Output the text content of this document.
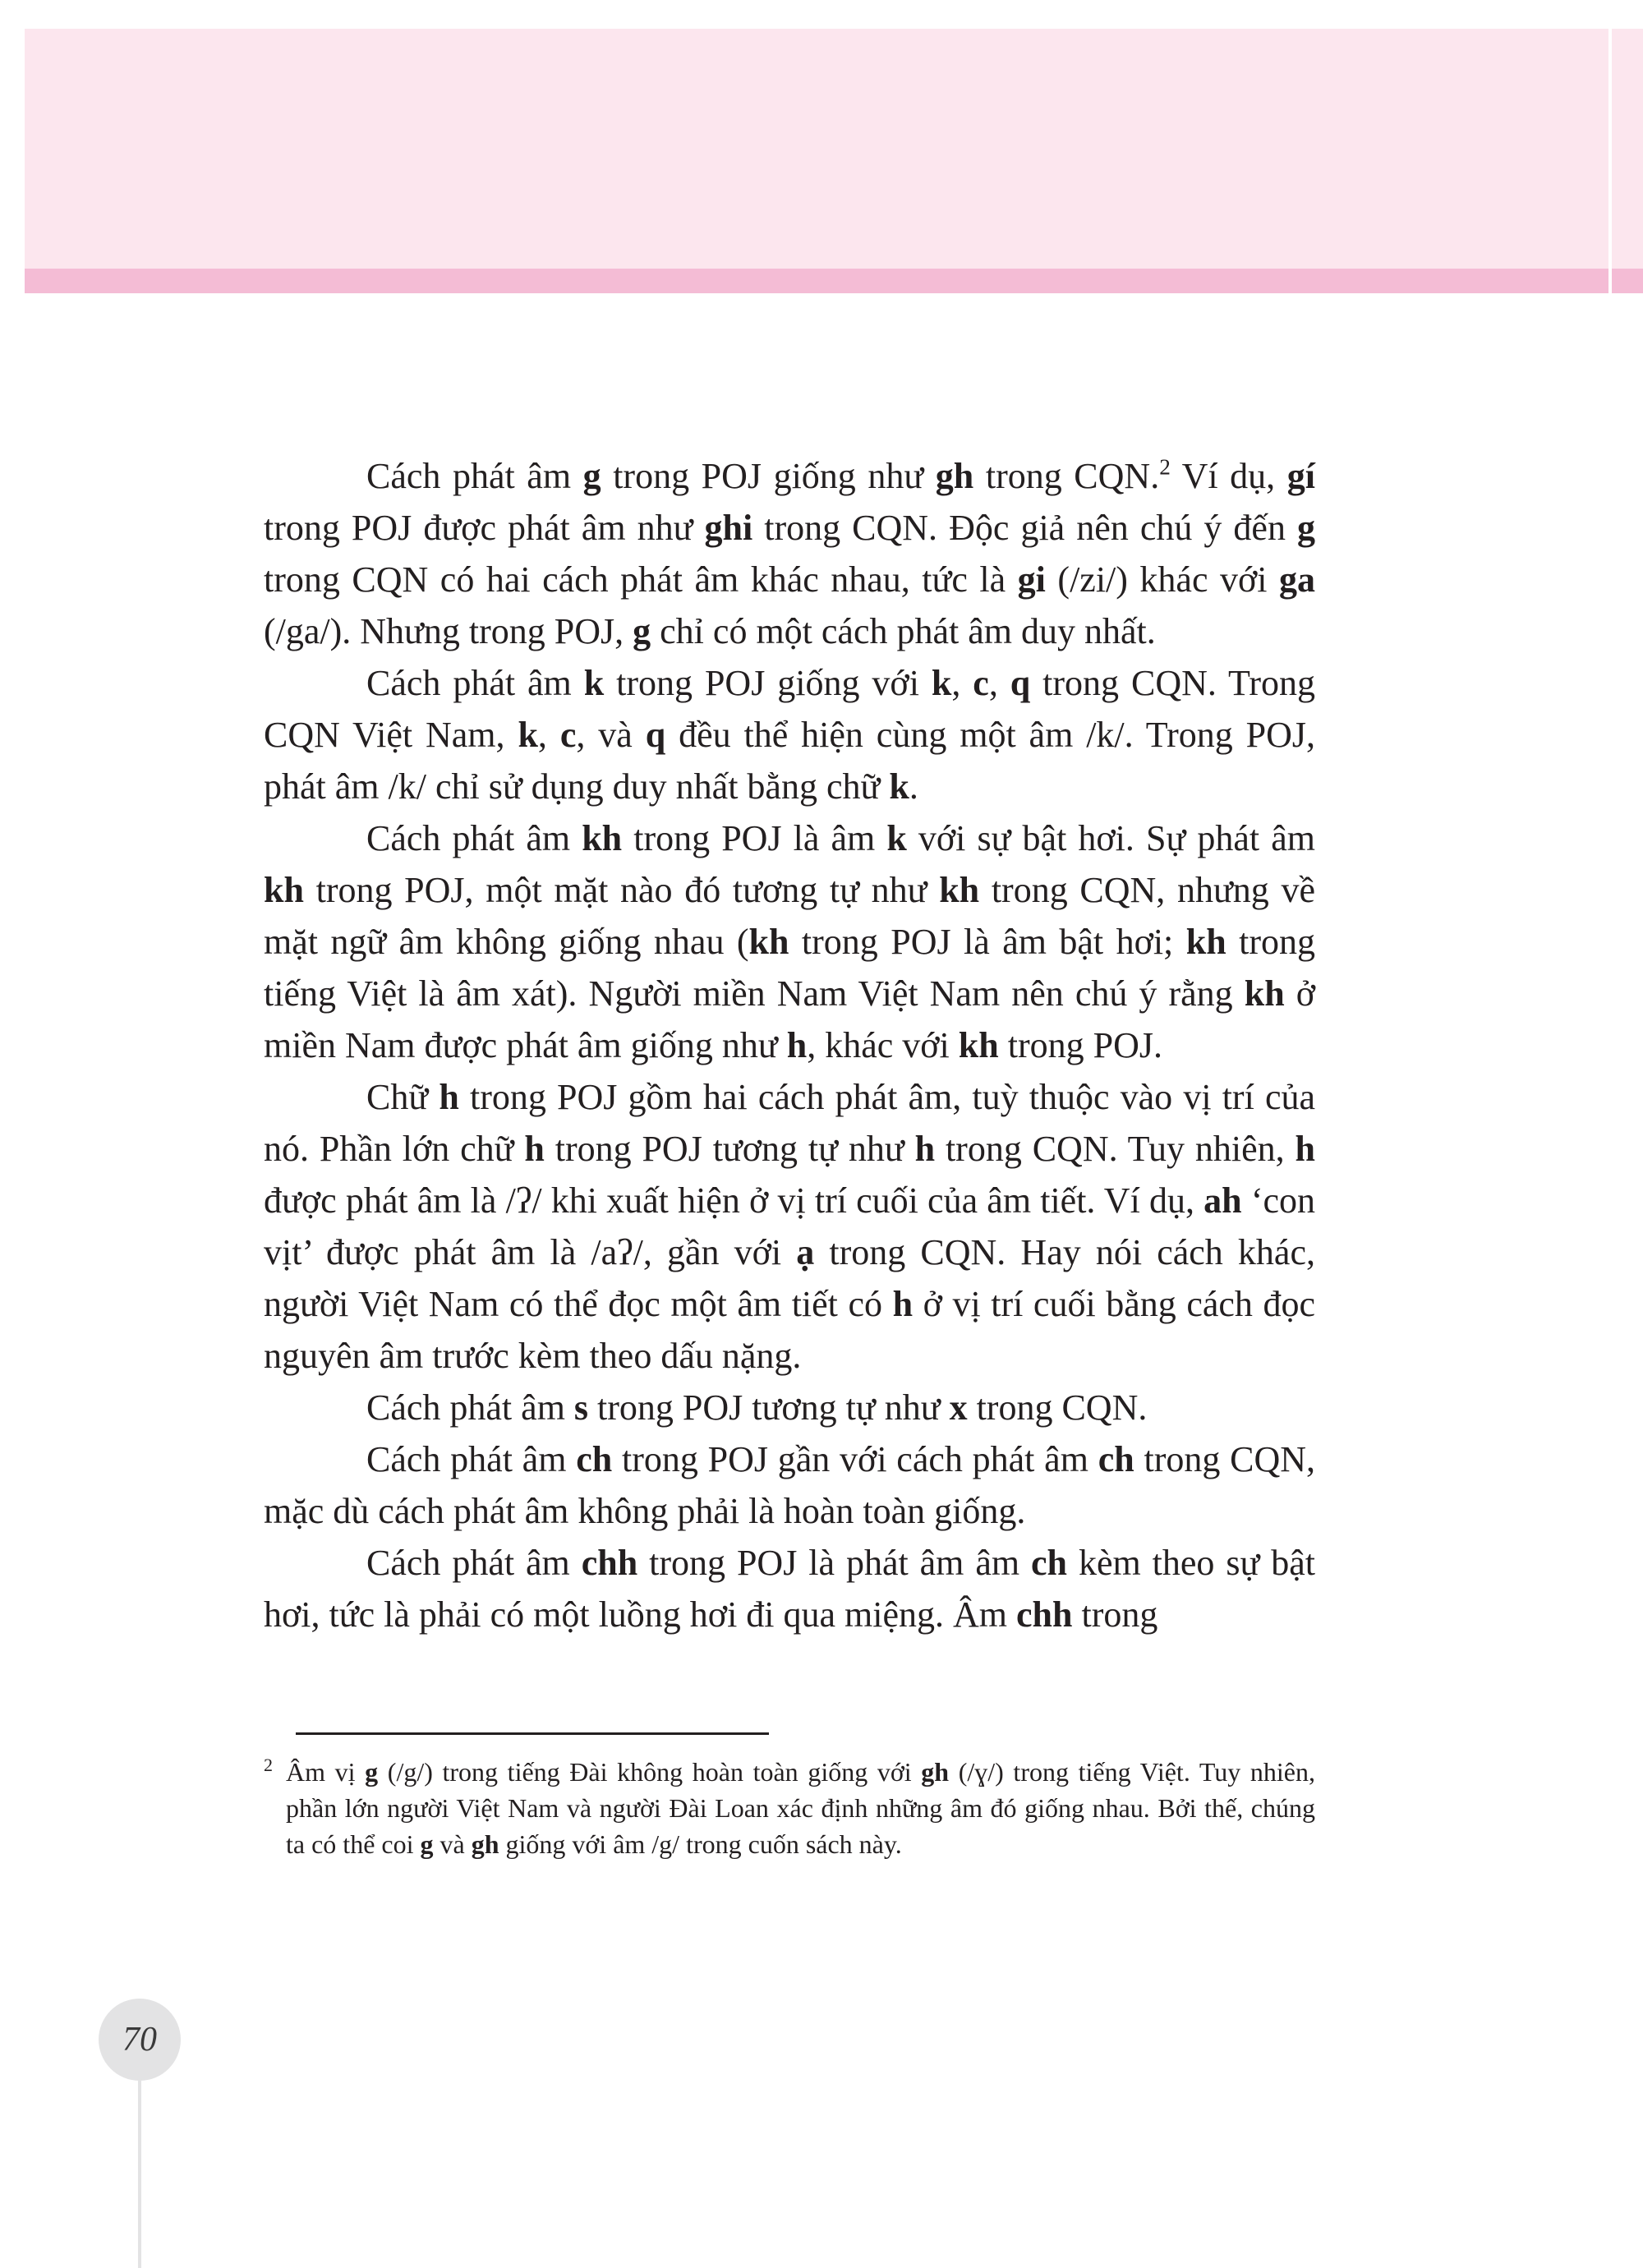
Cách phát âm g trong POJ giống như gh trong CQN.$^2$ Ví dụ, gí trong POJ được phát âm như ghi trong CQN. Độc giả nên chú ý đến g trong CQN có hai cách phát âm khác nhau, tức là gi (/zi/) khác với ga (/ga/). Nhưng trong POJ, g chỉ có một cách phát âm duy nhất.

Cách phát âm k trong POJ giống với k, c, q trong CQN. Trong CQN Việt Nam, k, c, và q đều thể hiện cùng một âm /k/. Trong POJ, phát âm /k/ chỉ sử dụng duy nhất bằng chữ k.

Cách phát âm kh trong POJ là âm k với sự bật hơi. Sự phát âm kh trong POJ, một mặt nào đó tương tự như kh trong CQN, nhưng về mặt ngữ âm không giống nhau (kh trong POJ là âm bật hơi; kh trong tiếng Việt là âm xát). Người miền Nam Việt Nam nên chú ý rằng kh ở miền Nam được phát âm giống như h, khác với kh trong POJ.

Chữ h trong POJ gồm hai cách phát âm, tuỳ thuộc vào vị trí của nó. Phần lớn chữ h trong POJ tương tự như h trong CQN. Tuy nhiên, h được phát âm là /ʔ/ khi xuất hiện ở vị trí cuối của âm tiết. Ví dụ, ah ‘con vịt’ được phát âm là /aʔ/, gần với ạ trong CQN. Hay nói cách khác, người Việt Nam có thể đọc một âm tiết có h ở vị trí cuối bằng cách đọc nguyên âm trước kèm theo dấu nặng.

Cách phát âm s trong POJ tương tự như x trong CQN.

Cách phát âm ch trong POJ gần với cách phát âm ch trong CQN, mặc dù cách phát âm không phải là hoàn toàn giống.

Cách phát âm chh trong POJ là phát âm âm ch kèm theo sự bật hơi, tức là phải có một luồng hơi đi qua miệng. Âm chh trong

2 Âm vị g (/g/) trong tiếng Đài không hoàn toàn giống với gh (/ɣ/) trong tiếng Việt. Tuy nhiên, phần lớn người Việt Nam và người Đài Loan xác định những âm đó giống nhau. Bởi thế, chúng ta có thể coi g và gh giống với âm /g/ trong cuốn sách này.
70
